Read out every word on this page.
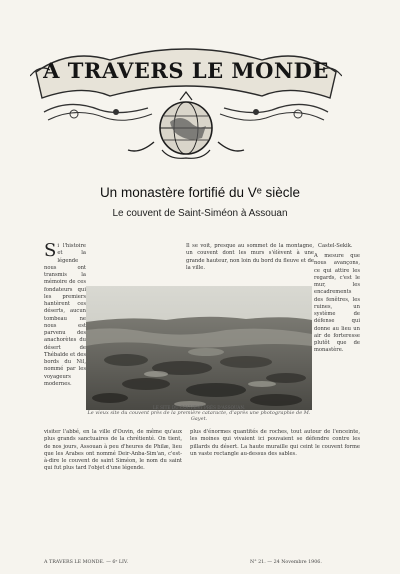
A TRAVERS LE MONDE
Un monastère fortifié du Vᵉ siècle
Le couvent de Saint-Siméon à Assouan
Si l'histoire et la légende nous ont transmis la mémoire de ces fondateurs qui les premiers hantèrent ces déserts, aucun tombeau ne nous est parvenu des anachorètes du désert de Thébaïde et des bords du Nil, nommé par les voyageurs modernes.
Il se voit, presque au sommet de la montagne, un couvent dont les murs s'élèvent à une grande hauteur, non loin du bord du fleuve et de la ville.
Castel-Sekik.
A mesure que nous avançons, ce qui attire les regards, c'est le mur, les encadrements des fenêtres, les ruines, un système de défense qui donne au lieu un air de forteresse plutôt que de monastère.
LE SITE DU COUVENT PRÈS D'ASSOUAN.
Le vieux site du couvent près de la première cataracte, d'après une photographie de M. Gayet.
visiter l'abbé, en la ville d'Ouvin, de même qu'aux plus grands sanctuaires de la chrétienté. On tient, de nos jours, Assouan à peu d'heures de Philæ, lieu que les Arabes ont nommé Deir-Anba-Sim'an, c'est-à-dire le couvent de saint Siméon, le nom du saint qui fut plus tard l'objet d'une légende.
plus d'énormes quantités de roches, tout autour de l'enceinte, les moines qui vivaient ici pouvaient se défendre contre les pillards du désert. La haute muraille qui ceint le couvent forme un vaste rectangle au-dessus des sables.
A TRAVERS LE MONDE. — 6ᵉ LIV.	N° 21. — 24 Novembre 1906.
